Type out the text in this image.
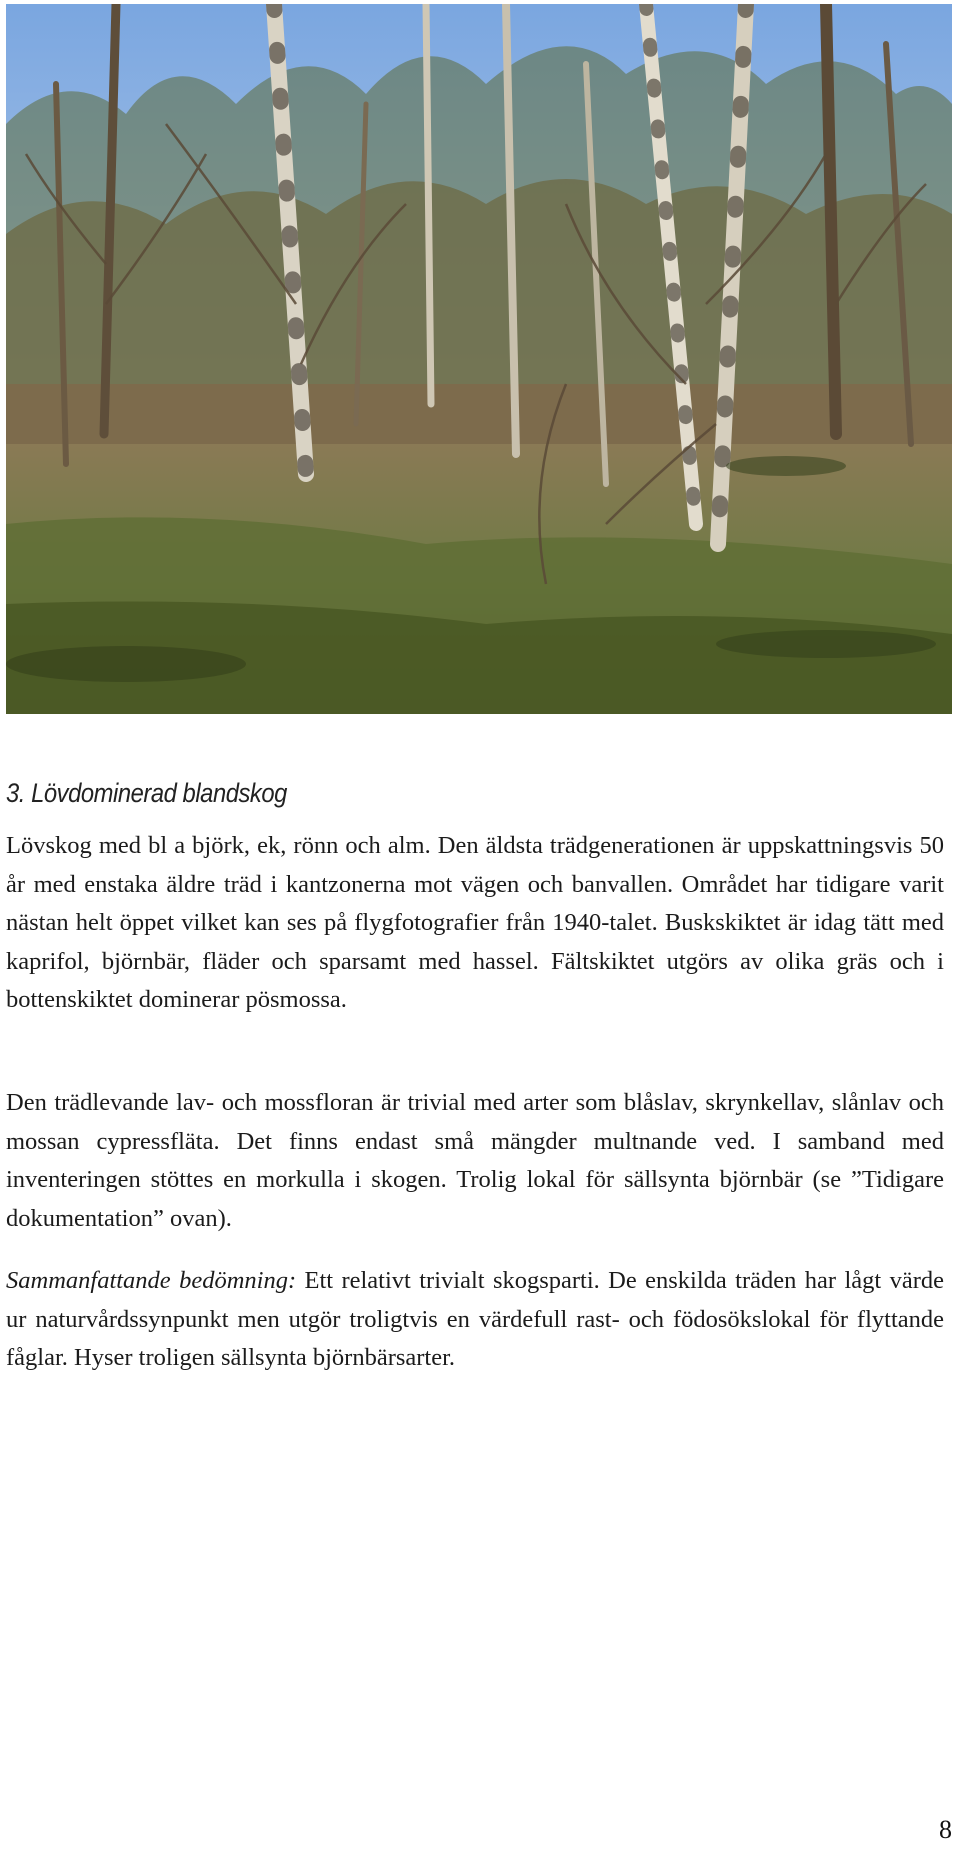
3. Lövdominerad blandskog

Lövskog med bl a björk, ek, rönn och alm. Den äldsta trädgenerationen är uppskattningsvis 50 år med enstaka äldre träd i kantzonerna mot vägen och banvallen. Området har tidigare varit nästan helt öppet vilket kan ses på flygfotografier från 1940-talet. Buskskiktet är idag tätt med kaprifol, björnbär, fläder och sparsamt med hassel. Fältskiktet utgörs av olika gräs och i bottenskiktet dominerar pösmossa.

Den trädlevande lav- och mossfloran är trivial med arter som blåslav, skrynkellav, slånlav och mossan cypressfläta. Det finns endast små mängder multnande ved. I samband med inventeringen stöttes en morkulla i skogen. Trolig lokal för sällsynta björnbär (se ”Tidigare dokumentation” ovan).

Sammanfattande bedömning: Ett relativt trivialt skogsparti. De enskilda träden har lågt värde ur naturvårdssynpunkt men utgör troligtvis en värdefull rast- och födosökslokal för flyttande fåglar. Hyser troligen sällsynta björnbärsarter.

8
